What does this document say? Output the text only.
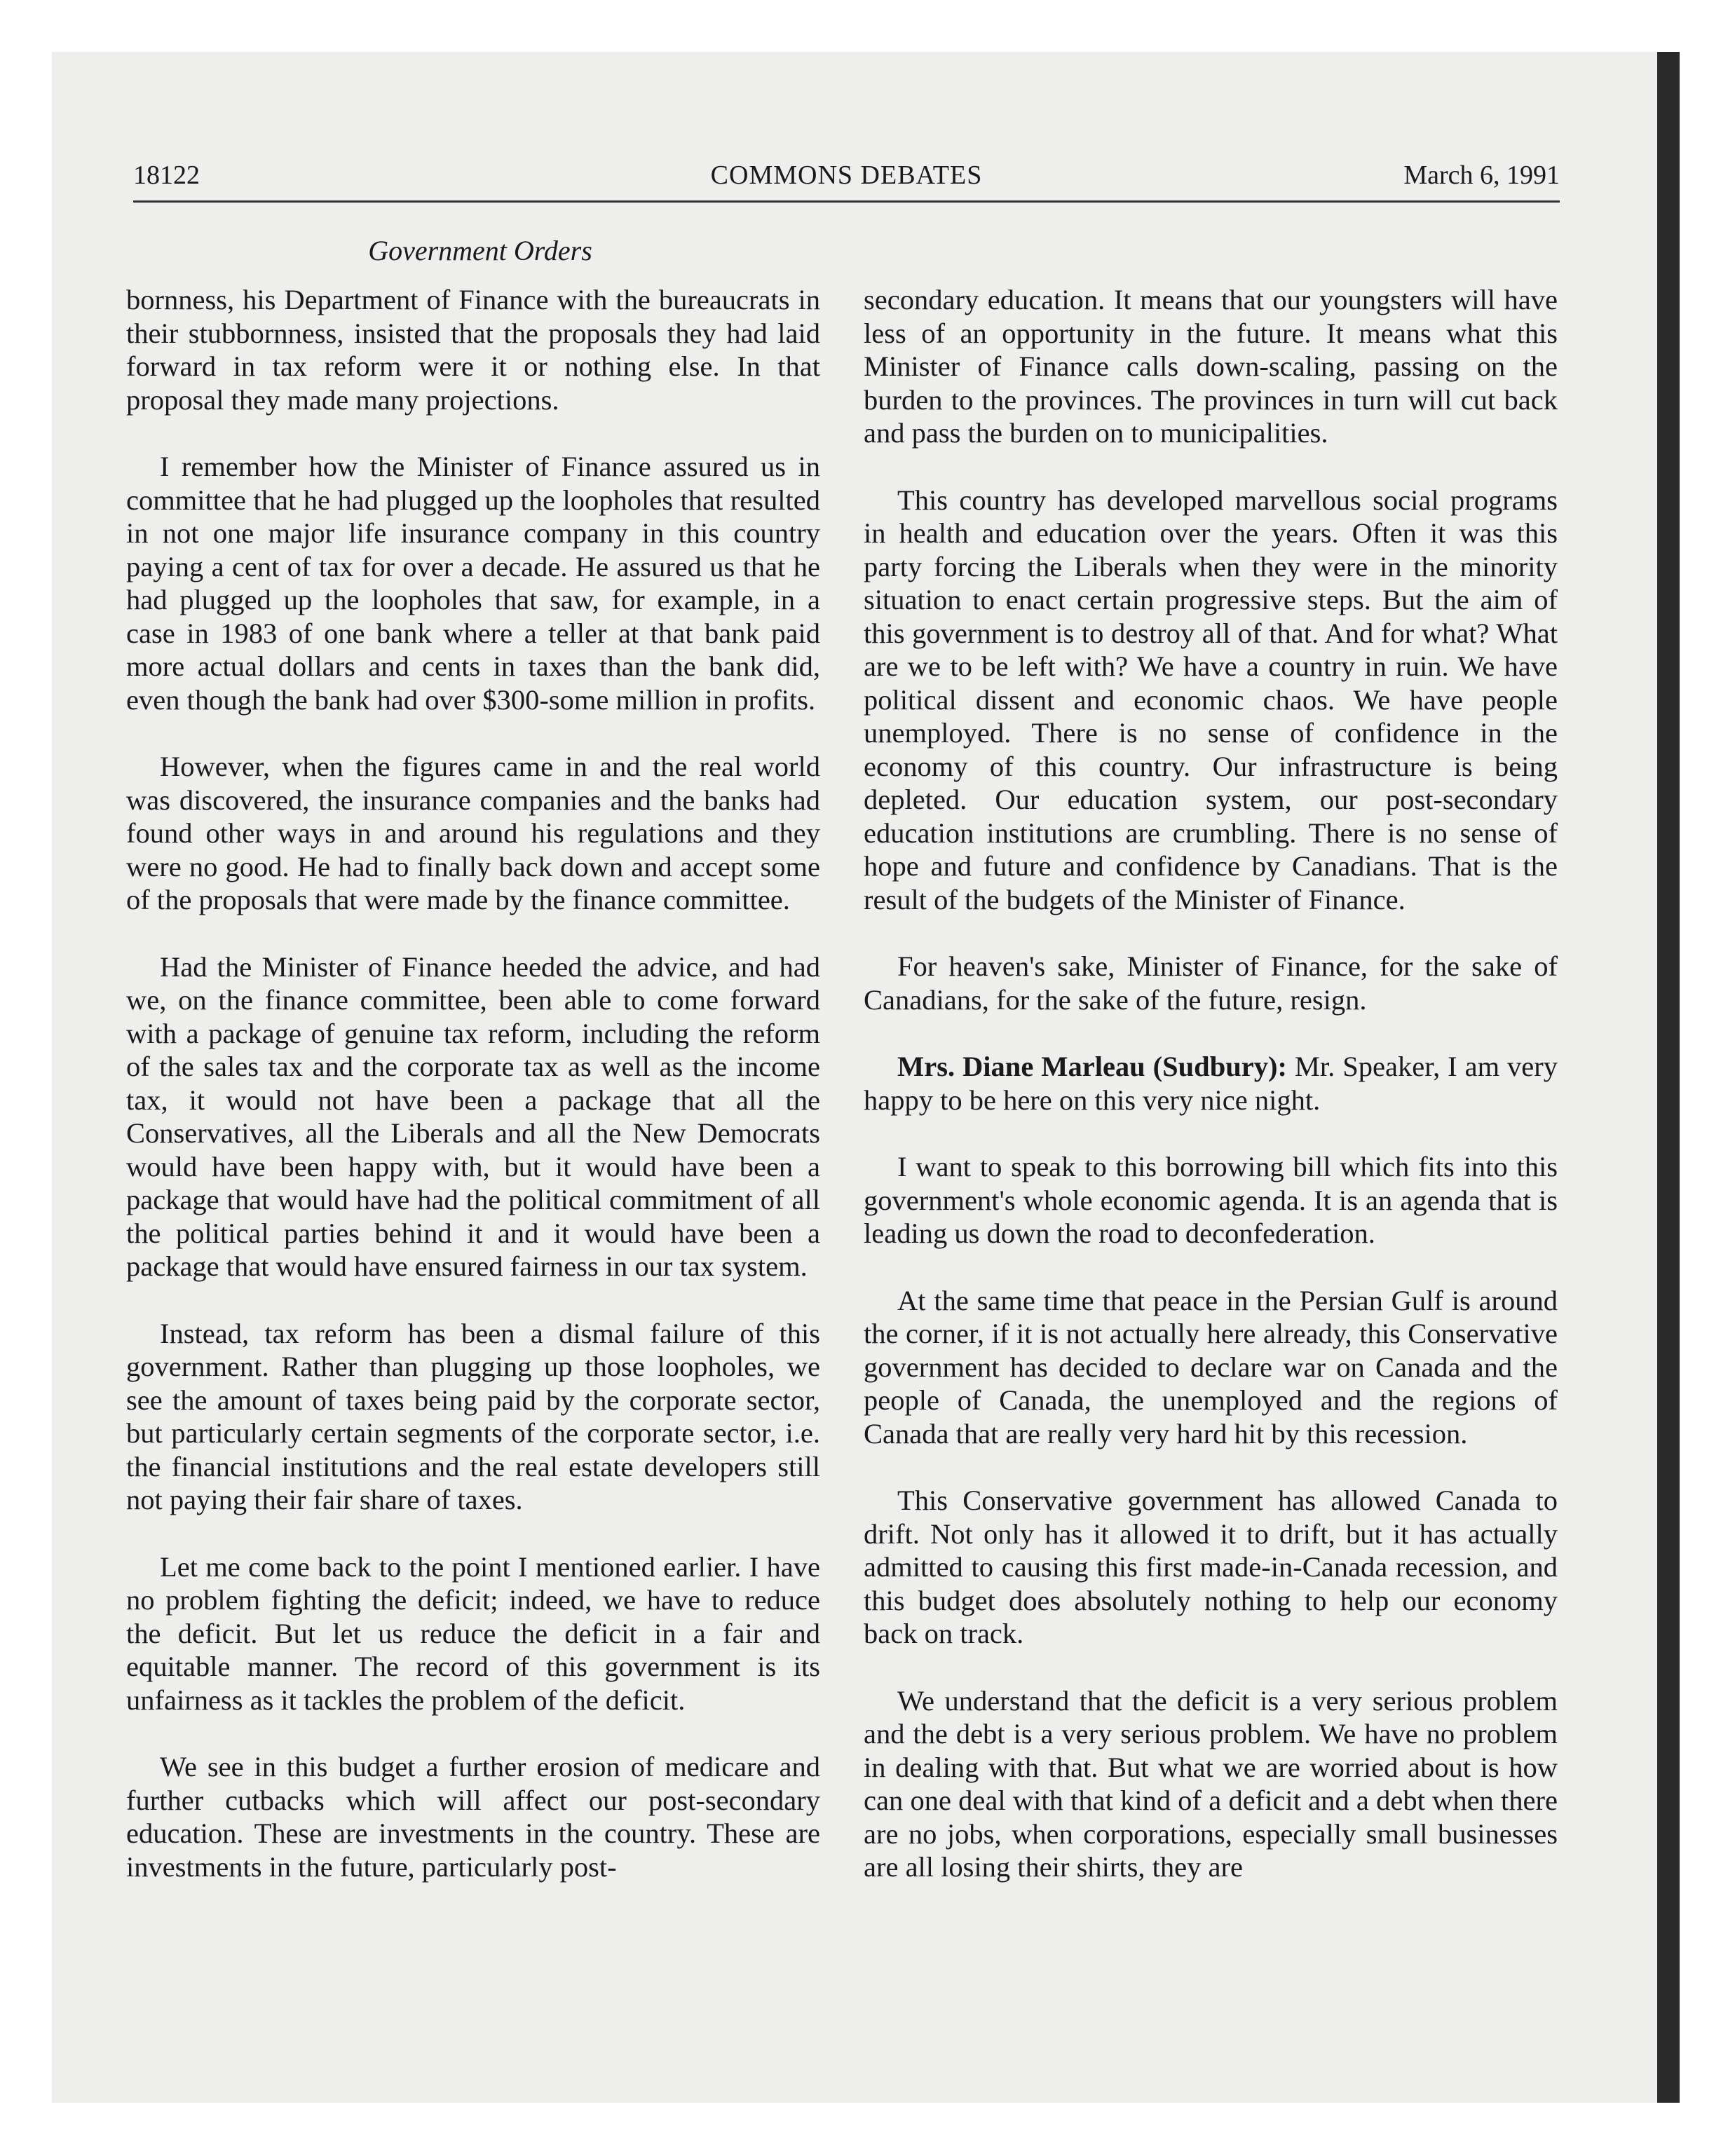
18122	COMMONS DEBATES	March 6, 1991
Government Orders

bornness, his Department of Finance with the bureaucrats in their stubbornness, insisted that the proposals they had laid forward in tax reform were it or nothing else. In that proposal they made many projections.

I remember how the Minister of Finance assured us in committee that he had plugged up the loopholes that resulted in not one major life insurance company in this country paying a cent of tax for over a decade. He assured us that he had plugged up the loopholes that saw, for example, in a case in 1983 of one bank where a teller at that bank paid more actual dollars and cents in taxes than the bank did, even though the bank had over $300-some million in profits.

However, when the figures came in and the real world was discovered, the insurance companies and the banks had found other ways in and around his regulations and they were no good. He had to finally back down and accept some of the proposals that were made by the finance committee.

Had the Minister of Finance heeded the advice, and had we, on the finance committee, been able to come forward with a package of genuine tax reform, including the reform of the sales tax and the corporate tax as well as the income tax, it would not have been a package that all the Conservatives, all the Liberals and all the New Democrats would have been happy with, but it would have been a package that would have had the political commitment of all the political parties behind it and it would have been a package that would have ensured fairness in our tax system.

Instead, tax reform has been a dismal failure of this government. Rather than plugging up those loopholes, we see the amount of taxes being paid by the corporate sector, but particularly certain segments of the corporate sector, i.e. the financial institutions and the real estate developers still not paying their fair share of taxes.

Let me come back to the point I mentioned earlier. I have no problem fighting the deficit; indeed, we have to reduce the deficit. But let us reduce the deficit in a fair and equitable manner. The record of this government is its unfairness as it tackles the problem of the deficit.

We see in this budget a further erosion of medicare and further cutbacks which will affect our post-secondary education. These are investments in the country. These are investments in the future, particularly post-

secondary education. It means that our youngsters will have less of an opportunity in the future. It means what this Minister of Finance calls down-scaling, passing on the burden to the provinces. The provinces in turn will cut back and pass the burden on to municipalities.

This country has developed marvellous social programs in health and education over the years. Often it was this party forcing the Liberals when they were in the minority situation to enact certain progressive steps. But the aim of this government is to destroy all of that. And for what? What are we to be left with? We have a country in ruin. We have political dissent and economic chaos. We have people unemployed. There is no sense of confidence in the economy of this country. Our infrastructure is being depleted. Our education system, our post-secondary education institutions are crumbling. There is no sense of hope and future and confidence by Canadians. That is the result of the budgets of the Minister of Finance.

For heaven's sake, Minister of Finance, for the sake of Canadians, for the sake of the future, resign.

Mrs. Diane Marleau (Sudbury): Mr. Speaker, I am very happy to be here on this very nice night.

I want to speak to this borrowing bill which fits into this government's whole economic agenda. It is an agenda that is leading us down the road to deconfederation.

At the same time that peace in the Persian Gulf is around the corner, if it is not actually here already, this Conservative government has decided to declare war on Canada and the people of Canada, the unemployed and the regions of Canada that are really very hard hit by this recession.

This Conservative government has allowed Canada to drift. Not only has it allowed it to drift, but it has actually admitted to causing this first made-in-Canada recession, and this budget does absolutely nothing to help our economy back on track.

We understand that the deficit is a very serious problem and the debt is a very serious problem. We have no problem in dealing with that. But what we are worried about is how can one deal with that kind of a deficit and a debt when there are no jobs, when corporations, especially small businesses are all losing their shirts, they are
